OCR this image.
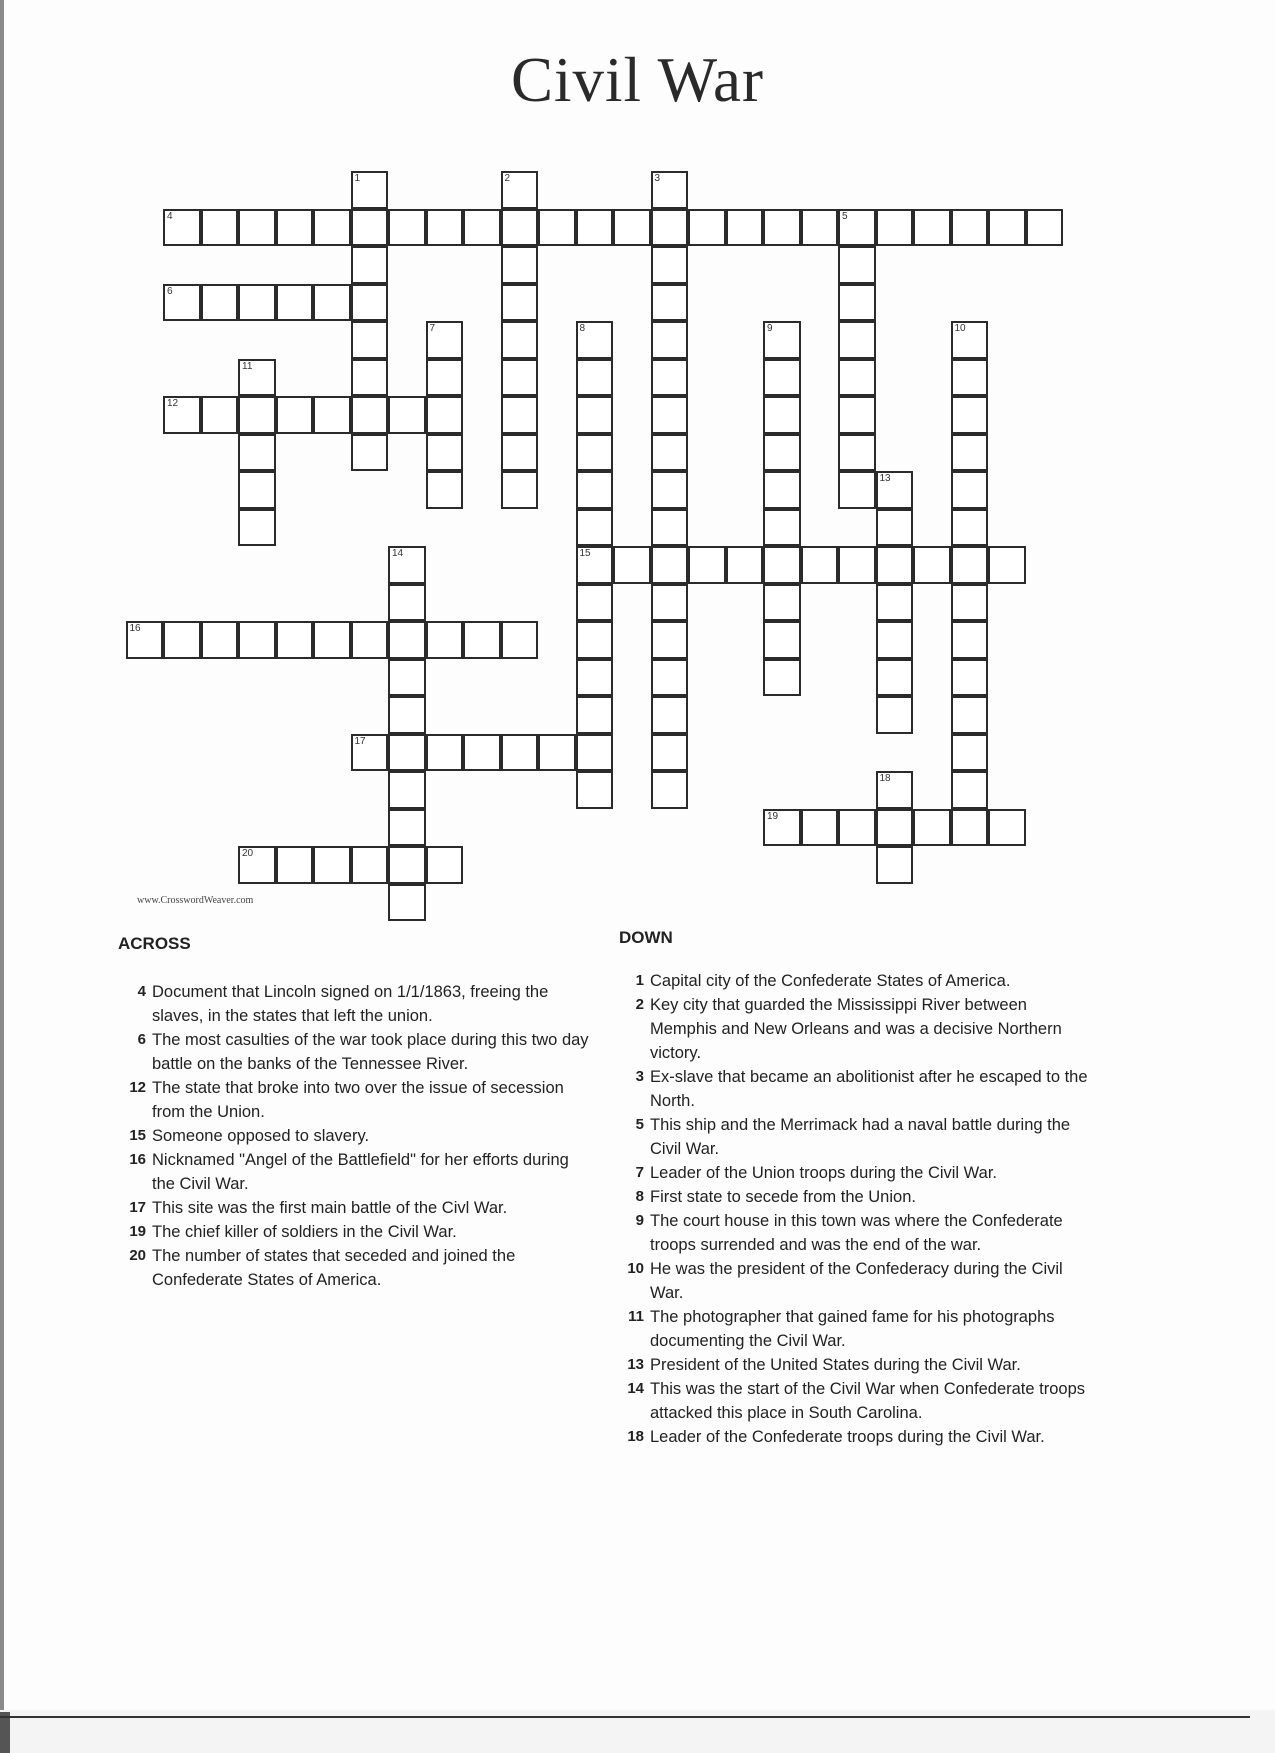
Civil War
1	2	3
4	5
6
7	8
15
9	10
11
12
13
14
16
17
18
19
20
www.CrosswordWeaver.com
ACROSS
4 Document that Lincoln signed on 1/1/1863, freeing the slaves, in the states that left the union.
6 The most casulties of the war took place during this two day battle on the banks of the Tennessee River.
12 The state that broke into two over the issue of secession from the Union.
15 Someone opposed to slavery.
16 Nicknamed "Angel of the Battlefield" for her efforts during the Civil War.
17 This site was the first main battle of the Civl War.
19 The chief killer of soldiers in the Civil War.
20 The number of states that seceded and joined the Confederate States of America.
DOWN
1 Capital city of the Confederate States of America.
2 Key city that guarded the Mississippi River between Memphis and New Orleans and was a decisive Northern victory.
3 Ex-slave that became an abolitionist after he escaped to the North.
5 This ship and the Merrimack had a naval battle during the Civil War.
7 Leader of the Union troops during the Civil War.
8 First state to secede from the Union.
9 The court house in this town was where the Confederate troops surrended and was the end of the war.
10 He was the president of the Confederacy during the Civil War.
11 The photographer that gained fame for his photographs documenting the Civil War.
13 President of the United States during the Civil War.
14 This was the start of the Civil War when Confederate troops attacked this place in South Carolina.
18 Leader of the Confederate troops during the Civil War.
